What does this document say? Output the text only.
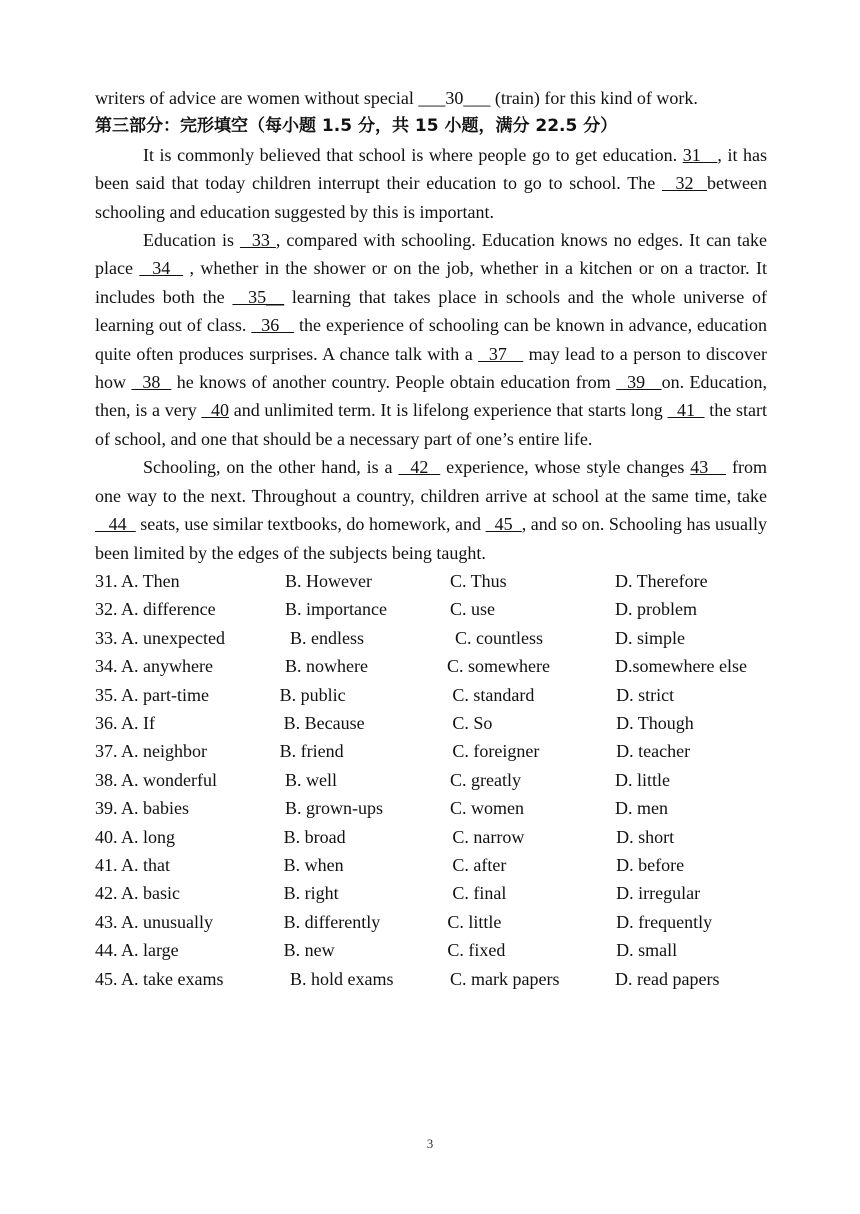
writers of advice are women without special ___30___ (train) for this kind of work.
第三部分：完形填空（每小题 1.5 分，共 15 小题，满分 22.5 分）
It is commonly believed that school is where people go to get education. 31   , it has been said that today children interrupt their education to go to school. The   32  between schooling and education suggested by this is important.
Education is   33 , compared with schooling. Education knows no edges. It can take place   34   , whether in the shower or on the job, whether in a kitchen or on a tractor. It includes both the   35__ learning that takes place in schools and the whole universe of learning out of class.   36    the experience of schooling can be known in advance, education quite often produces surprises. A chance talk with a   37    may lead to a person to discover how   38   he knows of another country. People obtain education from   39   on. Education, then, is a very   40 and unlimited term. It is lifelong experience that starts long   41   the start of school, and one that should be a necessary part of one’s entire life.
Schooling, on the other hand, is a   42   experience, whose style changes 43    from one way to the next. Throughout a country, children arrive at school at the same time, take   44   seats, use similar textbooks, do homework, and   45  , and so on. Schooling has usually been limited by the edges of the subjects being taught.
31. A. Then	B. However	C. Thus	D. Therefore
32. A. difference	B. importance	C. use	D. problem
33. A. unexpected	B. endless	C. countless	D. simple
34. A. anywhere	B. nowhere	C. somewhere	D.somewhere else
35. A. part-time	B. public	C. standard	D. strict
36. A. If	B. Because	C. So	D. Though
37. A. neighbor	B. friend	C. foreigner	D. teacher
38. A. wonderful	B. well	C. greatly	D. little
39. A. babies	B. grown-ups	C. women	D. men
40. A. long	B. broad	C. narrow	D. short
41. A. that	B. when	C. after	D. before
42. A. basic	B. right	C. final	D. irregular
43. A. unusually	B. differently	C. little	D. frequently
44. A. large	B. new	C. fixed	D. small
45. A. take exams	B. hold exams	C. mark papers	D. read papers
3
